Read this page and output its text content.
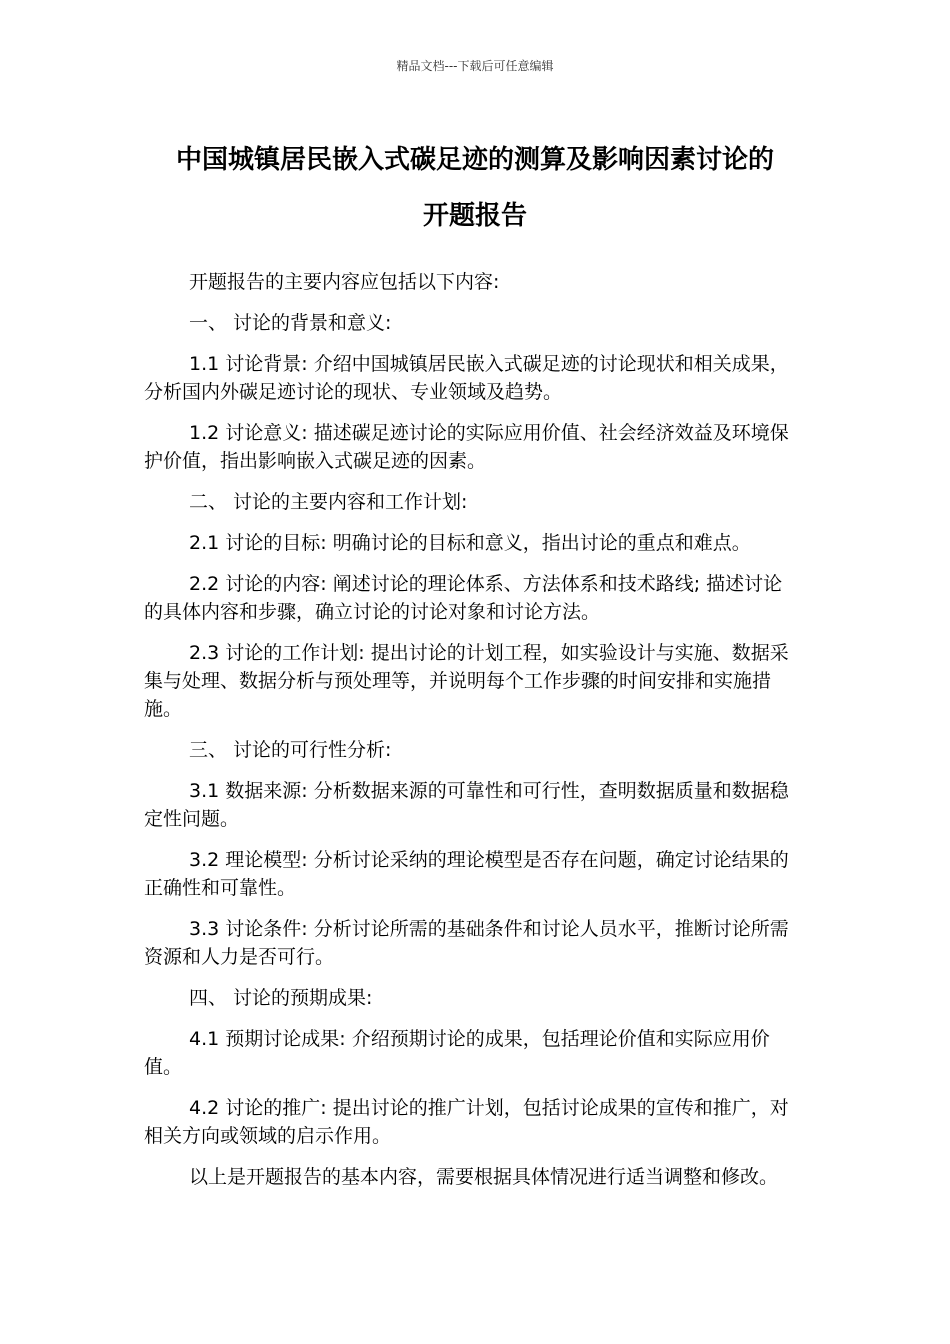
精品文档---下载后可任意编辑
中国城镇居民嵌入式碳足迹的测算及影响因素讨论的
开题报告

开题报告的主要内容应包括以下内容:

一、 讨论的背景和意义:

1.1 讨论背景: 介绍中国城镇居民嵌入式碳足迹的讨论现状和相关成果，分析国内外碳足迹讨论的现状、专业领域及趋势。

1.2 讨论意义: 描述碳足迹讨论的实际应用价值、社会经济效益及环境保护价值，指出影响嵌入式碳足迹的因素。

二、 讨论的主要内容和工作计划:

2.1 讨论的目标: 明确讨论的目标和意义，指出讨论的重点和难点。

2.2 讨论的内容: 阐述讨论的理论体系、方法体系和技术路线; 描述讨论的具体内容和步骤，确立讨论的讨论对象和讨论方法。

2.3 讨论的工作计划: 提出讨论的计划工程，如实验设计与实施、数据采集与处理、数据分析与预处理等，并说明每个工作步骤的时间安排和实施措施。

三、 讨论的可行性分析:

3.1 数据来源: 分析数据来源的可靠性和可行性，查明数据质量和数据稳定性问题。

3.2 理论模型: 分析讨论采纳的理论模型是否存在问题，确定讨论结果的正确性和可靠性。

3.3 讨论条件: 分析讨论所需的基础条件和讨论人员水平，推断讨论所需资源和人力是否可行。

四、 讨论的预期成果:

4.1 预期讨论成果: 介绍预期讨论的成果，包括理论价值和实际应用价值。

4.2 讨论的推广: 提出讨论的推广计划，包括讨论成果的宣传和推广，对相关方向或领域的启示作用。

以上是开题报告的基本内容，需要根据具体情况进行适当调整和修改。
